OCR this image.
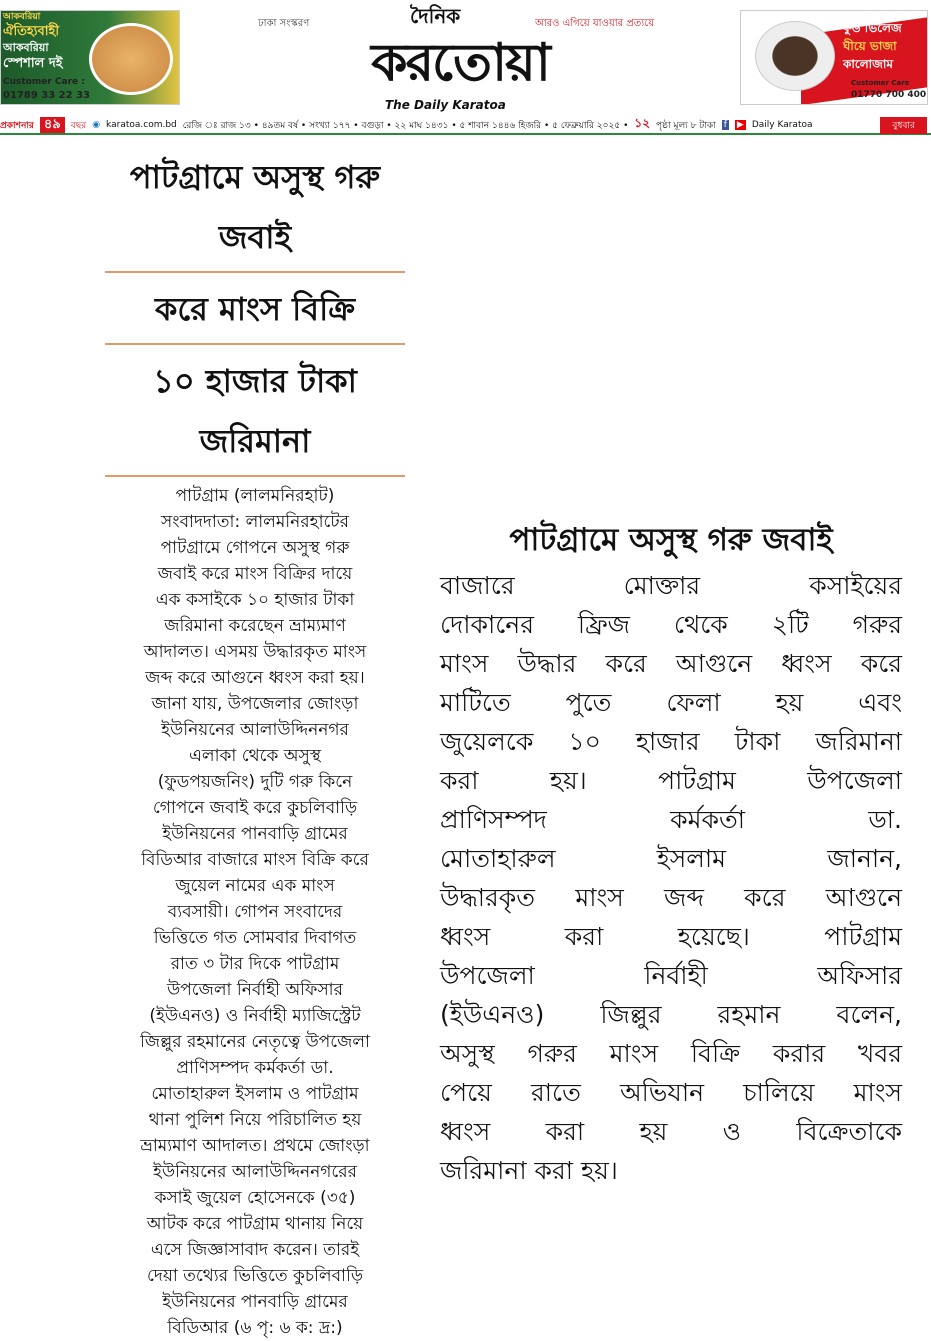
আকবরিয়া
ঐতিহ্যবাহী
আকবরিয়া
স্পেশাল দই
Customer Care :
01789 33 22 33
ঢাকা সংস্করণ	আরও এগিয়ে যাওয়ার প্রত্যয়ে
দৈনিক
করতোয়া
The Daily Karatoa
ফুড ভিলেজ
ঘীয়ে ভাজা
কালোজাম
Customer Care
01770 700 400
প্রকাশনার ৪৯	বছর ◉ karatoa.com.bd রেজি ঃ রাজ ১৩ • ৪৯তম বর্ষ • সংখ্যা ১৭৭ • বগুড়া • ২২ মাঘ ১৪৩১ • ৫ শাবান ১৪৪৬ হিজরি • ৫ ফেব্রুয়ারি ২০২৫ • ১২ পৃষ্ঠা মূল্য ৮ টাকা f ▶ Daily Karatoa	বুধবার
পাটগ্রামে অসুস্থ গরু জবাই
করে মাংস বিক্রি
১০ হাজার টাকা জরিমানা
পাটগ্রাম (লালমনিরহাট)
সংবাদদাতা: লালমনিরহাটের
পাটগ্রামে গোপনে অসুস্থ গরু
জবাই করে মাংস বিক্রির দায়ে
এক কসাইকে ১০ হাজার টাকা
জরিমানা করেছেন ভ্রাম্যমাণ
আদালত। এসময় উদ্ধারকৃত মাংস
জব্দ করে আগুনে ধ্বংস করা হয়।
জানা যায়, উপজেলার জোংড়া
ইউনিয়নের আলাউদ্দিননগর
এলাকা থেকে অসুস্থ
(ফুডপয়জনিং) দুটি গরু কিনে
গোপনে জবাই করে কুচলিবাড়ি
ইউনিয়নের পানবাড়ি গ্রামের
বিডিআর বাজারে মাংস বিক্রি করে
জুয়েল নামের এক মাংস
ব্যবসায়ী। গোপন সংবাদের
ভিত্তিতে গত সোমবার দিবাগত
রাত ৩ টার দিকে পাটগ্রাম
উপজেলা নির্বাহী অফিসার
(ইউএনও) ও নির্বাহী ম্যাজিস্ট্রেট
জিল্লুর রহমানের নেতৃত্বে উপজেলা
প্রাণিসম্পদ কর্মকর্তা ডা.
মোতাহারুল ইসলাম ও পাটগ্রাম
থানা পুলিশ নিয়ে পরিচালিত হয়
ভ্রাম্যমাণ আদালত। প্রথমে জোংড়া
ইউনিয়নের আলাউদ্দিননগরের
কসাই জুয়েল হোসেনকে (৩৫)
আটক করে পাটগ্রাম থানায় নিয়ে
এসে জিজ্ঞাসাবাদ করেন। তারই
দেয়া তথ্যের ভিত্তিতে কুচলিবাড়ি
ইউনিয়নের পানবাড়ি গ্রামের
বিডিআর (৬ পৃ: ৬ ক: দ্র:)
পাটগ্রামে অসুস্থ গরু জবাই
বাজারে মোক্তার কসাইয়ের
দোকানের ফ্রিজ থেকে ২টি গরুর
মাংস উদ্ধার করে আগুনে ধ্বংস করে
মাটিতে পুতে ফেলা হয় এবং
জুয়েলকে ১০ হাজার টাকা জরিমানা
করা হয়। পাটগ্রাম উপজেলা
প্রাণিসম্পদ কর্মকর্তা ডা.
মোতাহারুল ইসলাম জানান,
উদ্ধারকৃত মাংস জব্দ করে আগুনে
ধ্বংস করা হয়েছে। পাটগ্রাম
উপজেলা নির্বাহী অফিসার
(ইউএনও) জিল্লুর রহমান বলেন,
অসুস্থ গরুর মাংস বিক্রি করার খবর
পেয়ে রাতে অভিযান চালিয়ে মাংস
ধ্বংস করা হয় ও বিক্রেতাকে
জরিমানা করা হয়।
